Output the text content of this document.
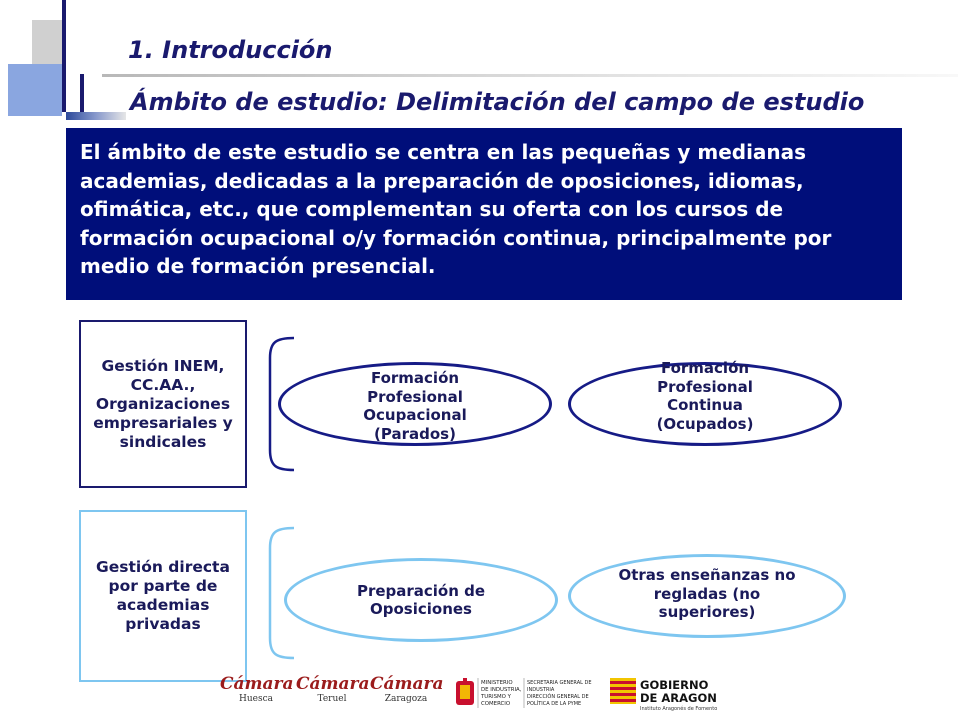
1. Introducción
Ámbito de estudio: Delimitación del campo de estudio
El ámbito de este estudio se centra en las pequeñas y medianas academias, dedicadas a la preparación de oposiciones, idiomas, ofimática, etc., que complementan su oferta con los cursos de formación ocupacional o/y formación continua, principalmente por medio de formación presencial.
Gestión INEM, CC.AA., Organizaciones empresariales y sindicales
Gestión directa por parte de academias privadas
Formación Profesional Ocupacional (Parados)
Formación Profesional Continua (Ocupados)
Preparación de Oposiciones
Otras enseñanzas no regladas (no superiores)
Cámara
Huesca
Cámara
Teruel
Cámara
Zaragoza
MINISTERIO DE INDUSTRIA, TURISMO Y COMERCIO
SECRETARIA GENERAL DE INDUSTRIA DIRECCIÓN GENERAL DE POLÍTICA DE LA PYME
GOBIERNO
DE ARAGON
Instituto Aragonés de Fomento
